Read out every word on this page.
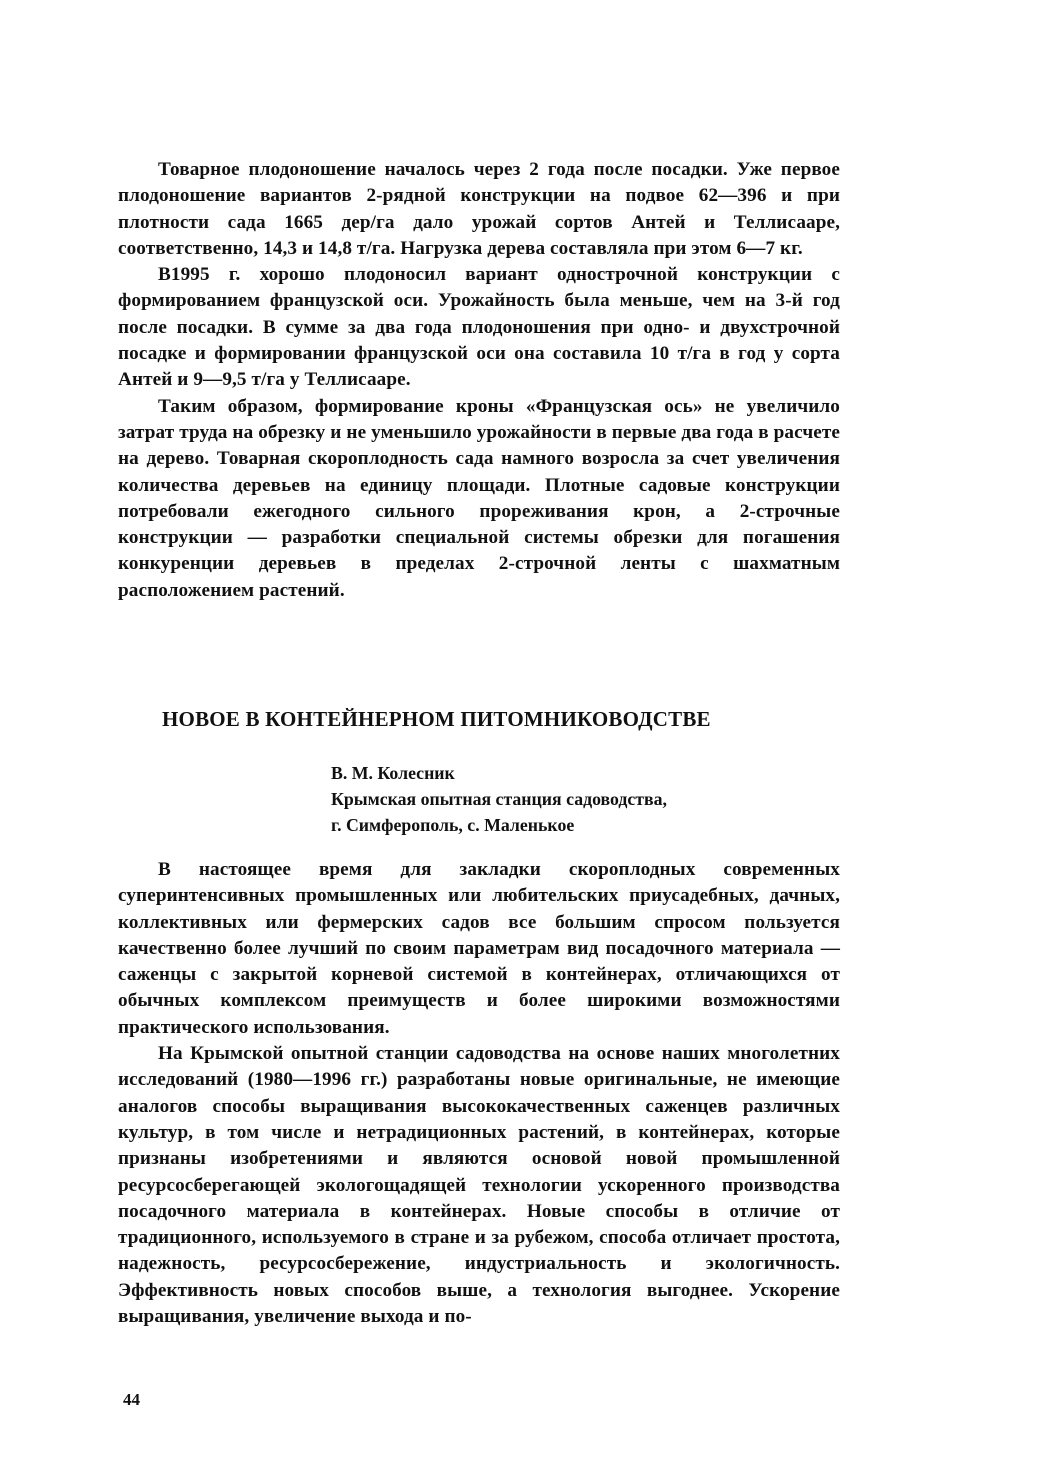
Товарное плодоношение началось через 2 года после посадки. Уже первое плодоношение вариантов 2-рядной конструкции на подвое 62—396 и при плотности сада 1665 дер/га дало урожай сортов Антей и Теллисааре, соответственно, 14,3 и 14,8 т/га. Нагрузка дерева составляла при этом 6—7 кг.

В1995 г. хорошо плодоносил вариант однострочной конструкции с формированием французской оси. Урожайность была меньше, чем на 3-й год после посадки. В сумме за два года плодоношения при одно- и двухстрочной посадке и формировании французской оси она составила 10 т/га в год у сорта Антей и 9—9,5 т/га у Теллисааре.

Таким образом, формирование кроны «Французская ось» не увеличило затрат труда на обрезку и не уменьшило урожайности в первые два года в расчете на дерево. Товарная скороплодность сада намного возросла за счет увеличения количества деревьев на единицу площади. Плотные садовые конструкции потребовали ежегодного сильного прореживания крон, а 2-строчные конструкции — разработки специальной системы обрезки для погашения конкуренции деревьев в пределах 2-строчной ленты с шахматным расположением растений.

НОВОЕ В КОНТЕЙНЕРНОМ ПИТОМНИКОВОДСТВЕ
В. М. Колесник
Крымская опытная станция садоводства,
г. Симферополь, с. Маленькое

В настоящее время для закладки скороплодных современных суперинтенсивных промышленных или любительских приусадебных, дачных, коллективных или фермерских садов все большим спросом пользуется качественно более лучший по своим параметрам вид посадочного материала — саженцы с закрытой корневой системой в контейнерах, отличающихся от обычных комплексом преимуществ и более широкими возможностями практического использования.

На Крымской опытной станции садоводства на основе наших многолетних исследований (1980—1996 гг.) разработаны новые оригинальные, не имеющие аналогов способы выращивания высококачественных саженцев различных культур, в том числе и нетрадиционных растений, в контейнерах, которые признаны изобретениями и являются основой новой промышленной ресурсосберегающей экологощадящей технологии ускоренного производства посадочного материала в контейнерах. Новые способы в отличие от традиционного, используемого в стране и за рубежом, способа отличает простота, надежность, ресурсосбережение, индустриальность и экологичность. Эффективность новых способов выше, а технология выгоднее. Ускорение выращивания, увеличение выхода и по-

44
